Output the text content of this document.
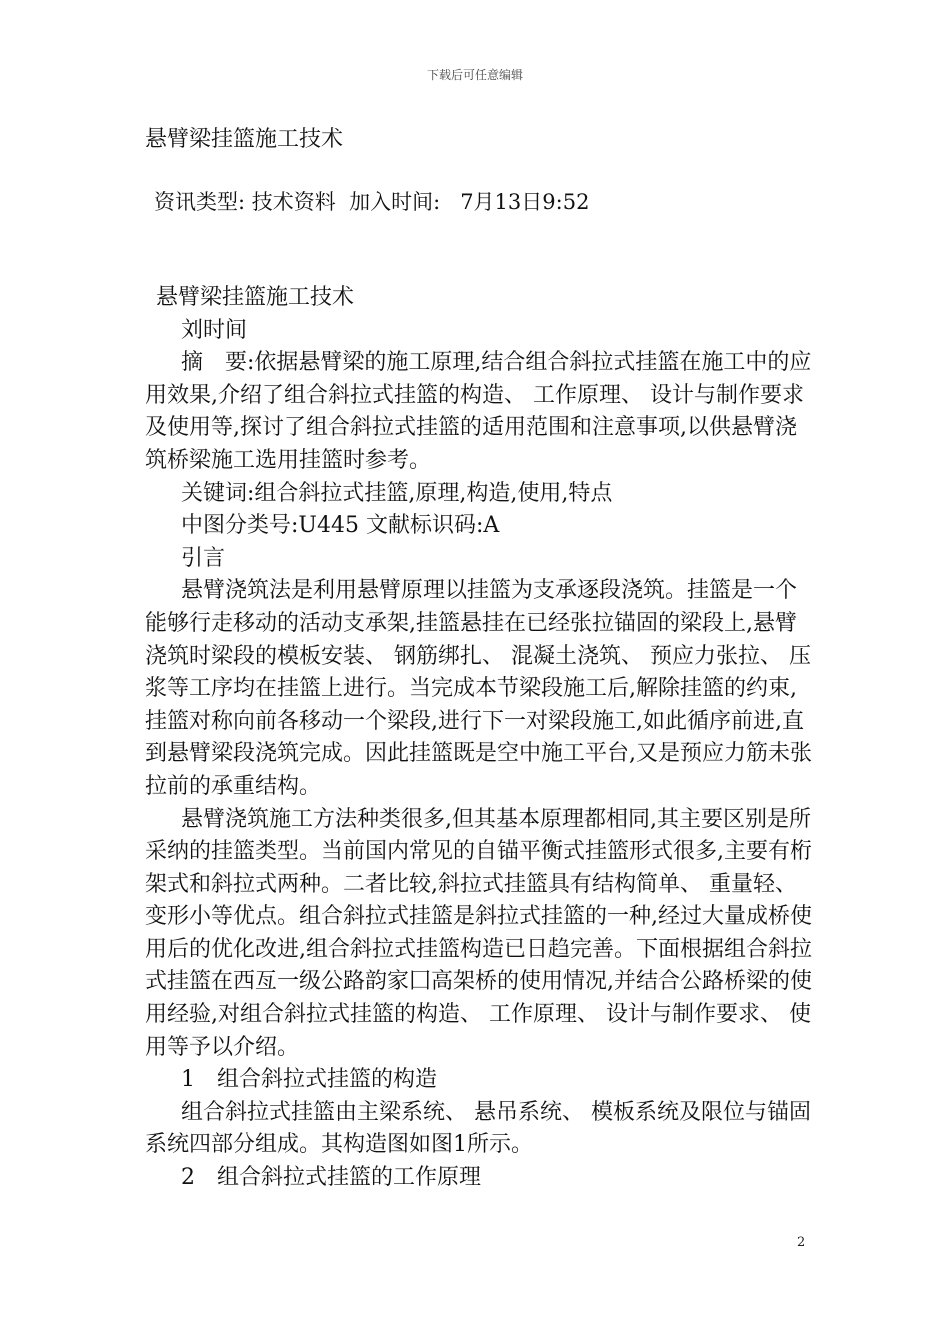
下载后可任意编辑
悬臂梁挂篮施工技术
资讯类型: 技术资料  加入时间:   7月13日9:52

悬臂梁挂篮施工技术

刘时间

摘　要:依据悬臂梁的施工原理,结合组合斜拉式挂篮在施工中的应用效果,介绍了组合斜拉式挂篮的构造、 工作原理、 设计与制作要求及使用等,探讨了组合斜拉式挂篮的适用范围和注意事项,以供悬臂浇筑桥梁施工选用挂篮时参考。

关键词:组合斜拉式挂篮,原理,构造,使用,特点

中图分类号:U445 文献标识码:A

引言

悬臂浇筑法是利用悬臂原理以挂篮为支承逐段浇筑。挂篮是一个能够行走移动的活动支承架,挂篮悬挂在已经张拉锚固的梁段上,悬臂浇筑时梁段的模板安装、 钢筋绑扎、 混凝土浇筑、 预应力张拉、 压浆等工序均在挂篮上进行。当完成本节梁段施工后,解除挂篮的约束,挂篮对称向前各移动一个梁段,进行下一对梁段施工,如此循序前进,直到悬臂梁段浇筑完成。因此挂篮既是空中施工平台,又是预应力筋未张拉前的承重结构。

悬臂浇筑施工方法种类很多,但其基本原理都相同,其主要区别是所采纳的挂篮类型。当前国内常见的自锚平衡式挂篮形式很多,主要有桁架式和斜拉式两种。二者比较,斜拉式挂篮具有结构简单、 重量轻、 变形小等优点。组合斜拉式挂篮是斜拉式挂篮的一种,经过大量成桥使用后的优化改进,组合斜拉式挂篮构造已日趋完善。下面根据组合斜拉式挂篮在西亙一级公路韵家囗高架桥的使用情况,并结合公路桥梁的使用经验,对组合斜拉式挂篮的构造、 工作原理、 设计与制作要求、 使用等予以介绍。

1　组合斜拉式挂篮的构造

组合斜拉式挂篮由主梁系统、 悬吊系统、 模板系统及限位与锚固系统四部分组成。其构造图如图1所示。

2　组合斜拉式挂篮的工作原理

2
